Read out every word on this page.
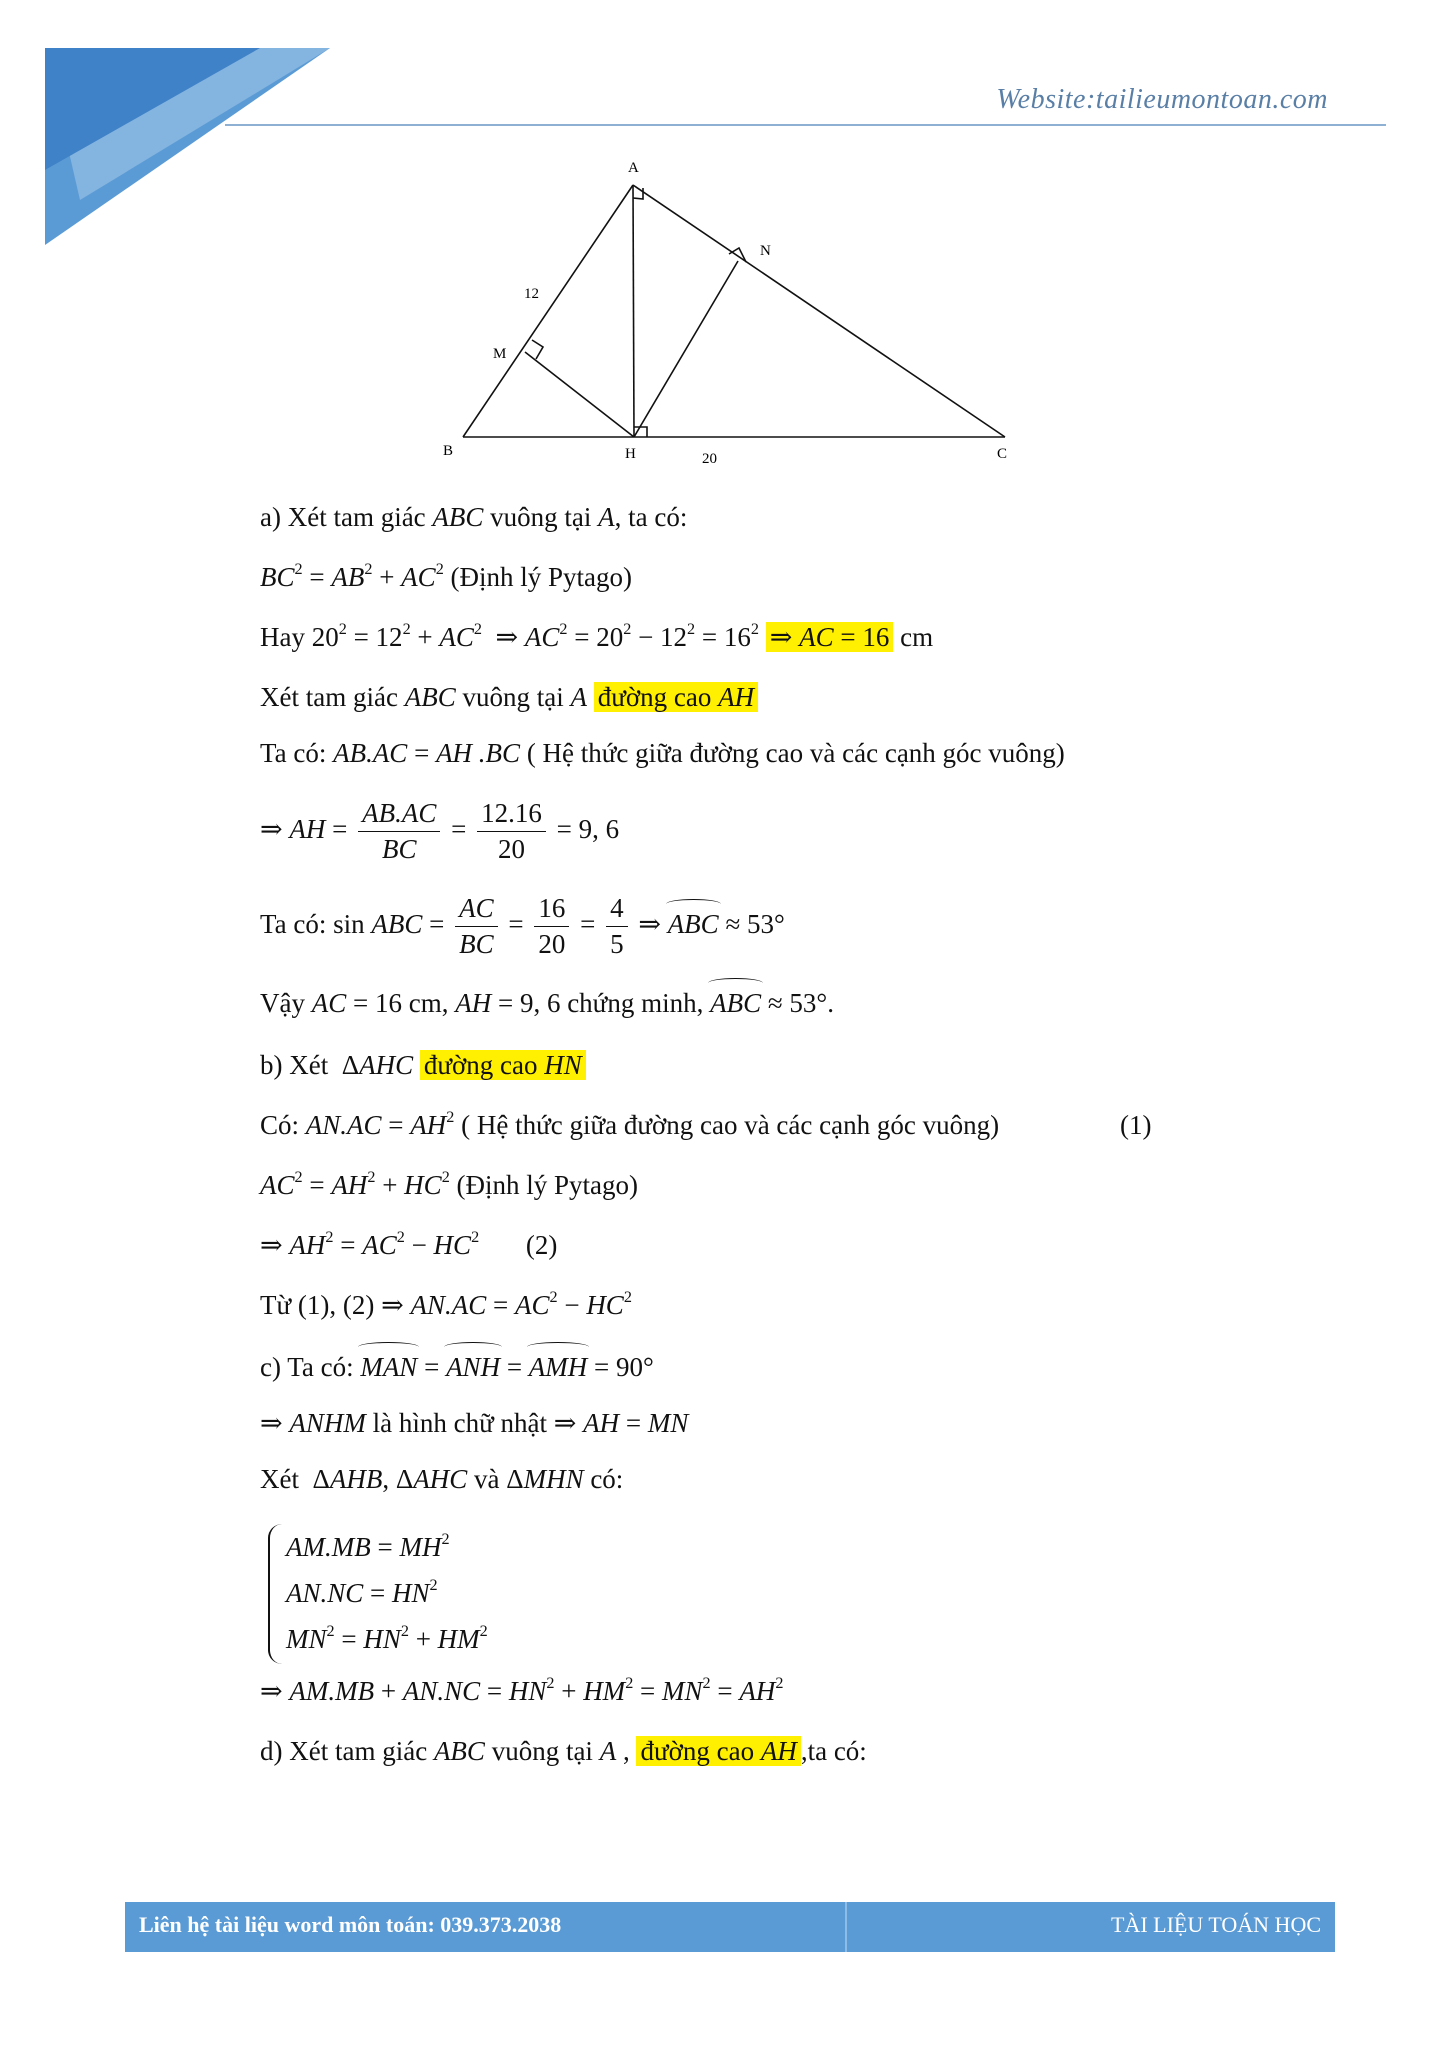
Website:tailieumontoan.com
A
N
M
B	H	C
12
20
a) Xét tam giác ABC vuông tại A, ta có:
$BC^2 = AB^2 + AC^2$ (Định lý Pytago)
Hay $20^2 = 12^2 + AC^2$  ⇒ $AC^2 = 20^2 - 12^2 = 16^2$ ⇒ AC = 16 cm
Xét tam giác ABC vuông tại A đường cao AH
Ta có: AB.AC = AH .BC ( Hệ thức giữa đường cao và các cạnh góc vuông)
⇒ AH = $\frac{AB.AC}{BC} = \frac{12.16}{20} = 9$, 6
Ta có: sin ABC = $\frac{AC}{BC} = \frac{16}{20} = \frac{4}{5}$ ⇒ ABC ≈ 53°
Vậy AC = 16 cm, AH = 9, 6 chứng minh, ABC ≈ 53°.
b) Xét  ΔAHC đường cao HN
Có: $AN.AC = AH^2$ ( Hệ thức giữa đường cao và các cạnh góc vuông)	(1)
$AC^2 = AH^2 + HC^2$ (Định lý Pytago)
⇒ $AH^2 = AC^2 - HC^2$ (2)
Từ (1), (2) ⇒ $AN.AC = AC^2 - HC^2$
c) Ta có: MAN = ANH = AMH = 90°
⇒ ANHM là hình chữ nhật ⇒ AH = MN
Xét  ΔAHB, ΔAHC và ΔMHN có:
$AM.MB = MH^2$
$AN.NC = HN^2$
$MN^2 = HN^2 + HM^2$
⇒ $AM.MB + AN.NC = HN^2 + HM^2 = MN^2 = AH^2$
d) Xét tam giác ABC vuông tại A , đường cao AH ,ta có:
Liên hệ tài liệu word môn toán: 039.373.2038	TÀI LIỆU TOÁN HỌC
